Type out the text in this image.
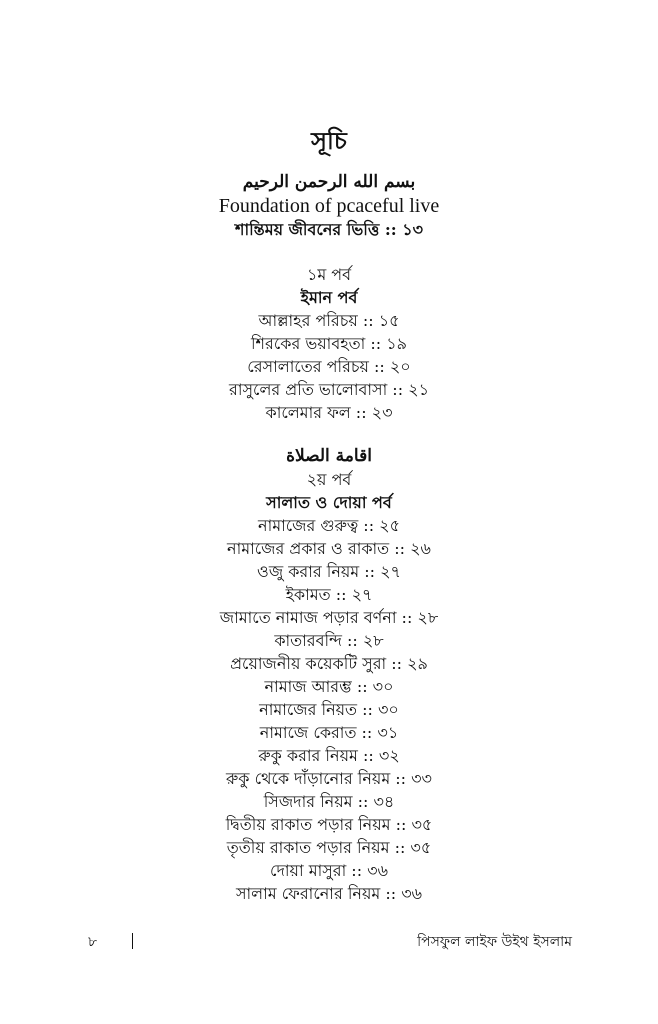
সূচি
بسم الله الرحمن الرحيم
Foundation of pcaceful live
শান্তিময় জীবনের ভিত্তি :: ১৩
১ম পর্ব
ইমান পর্ব
আল্লাহর পরিচয় :: ১৫
শিরকের ভয়াবহতা :: ১৯
রেসালাতের পরিচয় :: ২০
রাসুলের প্রতি ভালোবাসা :: ২১
কালেমার ফল :: ২৩
اقامة الصلاة
২য় পর্ব
সালাত ও দোয়া পর্ব
নামাজের গুরুত্ব :: ২৫
নামাজের প্রকার ও রাকাত :: ২৬
ওজু করার নিয়ম :: ২৭
ইকামত :: ২৭
জামাতে নামাজ পড়ার বর্ণনা :: ২৮
কাতারবন্দি :: ২৮
প্রয়োজনীয় কয়েকটি সুরা :: ২৯
নামাজ আরম্ভ :: ৩০
নামাজের নিয়ত :: ৩০
নামাজে কেরাত :: ৩১
রুকু করার নিয়ম :: ৩২
রুকু থেকে দাঁড়ানোর নিয়ম :: ৩৩
সিজদার নিয়ম :: ৩৪
দ্বিতীয় রাকাত পড়ার নিয়ম :: ৩৫
তৃতীয় রাকাত পড়ার নিয়ম :: ৩৫
দোয়া মাসুরা :: ৩৬
সালাম ফেরানোর নিয়ম :: ৩৬
৮	পিসফুল লাইফ উইথ ইসলাম
